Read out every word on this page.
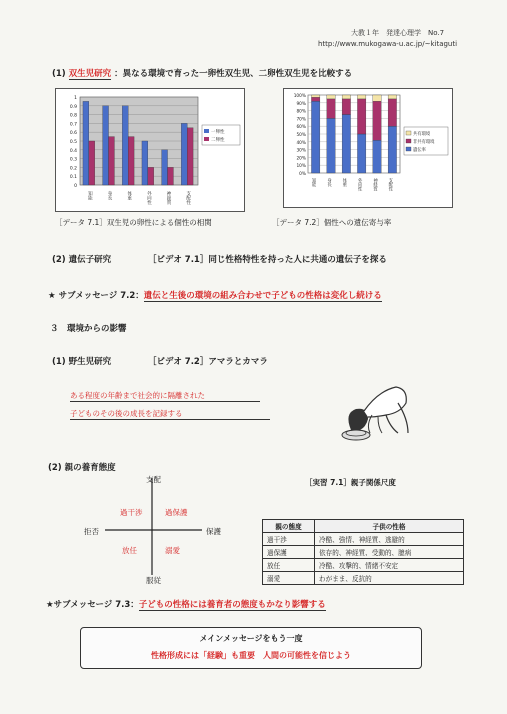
大教１年　発達心理学　No.7
http://www.mukogawa-u.ac.jp/~kitaguti
(1) 双生児研究 ：異なる環境で育った一卵性双生児、二卵性双生児を比較する
1
0.9
0.8
0.7
0.6
0.5
0.4
0.3
0.2
0.1
0
知能	身長	体重	外向性	神経質	支配性
一卵性
二卵性
［データ 7.1］双生児の卵性による個性の相関
100%
90%
80%
70%
60%
50%
40%
30%
20%
10%
0%
知能 身長 体重 外向性 神経質 支配性
共有環境
非共有環境
遺伝率
［データ 7.2］個性への遺伝寄与率
(2) 遺伝子研究	［ビデオ 7.1］同じ性格特性を持った人に共通の遺伝子を探る
★ サブメッセージ 7.2：遺伝と生後の環境の組み合わせで子どもの性格は変化し続ける
３　環境からの影響
(1) 野生児研究	［ビデオ 7.2］アマラとカマラ
ある程度の年齢まで社会的に隔離された
子どものその後の成長を記録する
(2) 親の養育態度
支配
服従
拒否	保護
過干渉	過保護
放任	溺愛
［実習 7.1］親子関係尺度
親の態度	子供の性格
過干渉	冷酷、強情、神経質、逃避的
過保護	依存的、神経質、受動的、臆病
放任	冷酷、攻撃的、情緒不安定
溺愛	わがまま、反抗的
★サブメッセージ 7.3：子どもの性格には養育者の態度もかなり影響する
メインメッセージをもう一度
性格形成には「経験」も重要　人間の可能性を信じよう
